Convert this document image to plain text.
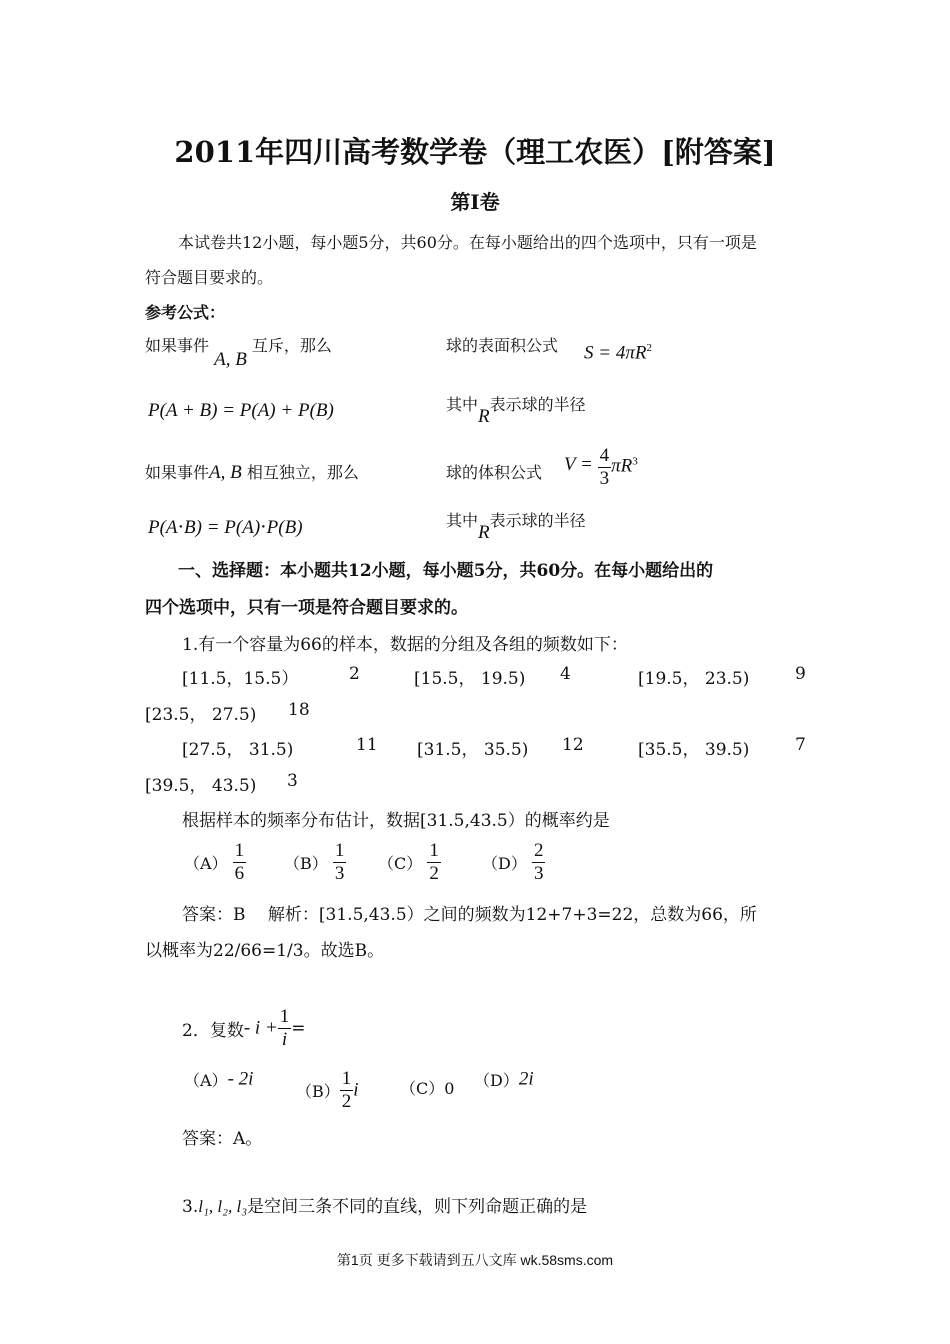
2011年四川高考数学卷（理工农医）[附答案]
第Ⅰ卷
本试卷共12小题，每小题5分，共60分。在每小题给出的四个选项中，只有一项是
符合题目要求的。
参考公式：
如果事件 A, B 互斥，那么
P(A + B) = P(A) + P(B)
如果事件A, B 相互独立，那么
P(A⋅B) = P(A)⋅P(B)
球的表面积公式 $S = 4\pi R^2$
其中R表示球的半径
球的体积公式 $V = \frac{4}{3} \pi R^3$
其中R表示球的半径
一、选择题：本小题共12小题，每小题5分，共60分。在每小题给出的
四个选项中，只有一项是符合题目要求的。
1.有一个容量为66的样本，数据的分组及各组的频数如下：
[11.5，15.5）	2	[15.5， 19.5) 4	[19.5， 23.5)	9
[23.5， 27.5) 18
[27.5， 31.5)	11 [31.5， 35.5) 12	[35.5， 39.5)	7
[39.5， 43.5) 3
根据样本的频率分布估计，数据[31.5,43.5）的概率约是
$(A) \frac{1}{6} (B) \frac{1}{3} (C) \frac{1}{2}$	$(D) \frac{2}{3}$
答案：B　 解析：[31.5,43.5）之间的频数为12+7+3=22，总数为66，所
以概率为22/66=1/3。故选B。
2．复数- $i + \frac{1}{i}$ =
（A）- 2i
$(B) \frac{1}{2}$ i	（C）0 （D）2i
答案：A。
3.l₁, l₂, l₃是空间三条不同的直线，则下列命题正确的是
第1页 更多下载请到五八文库 wk.58sms.com
